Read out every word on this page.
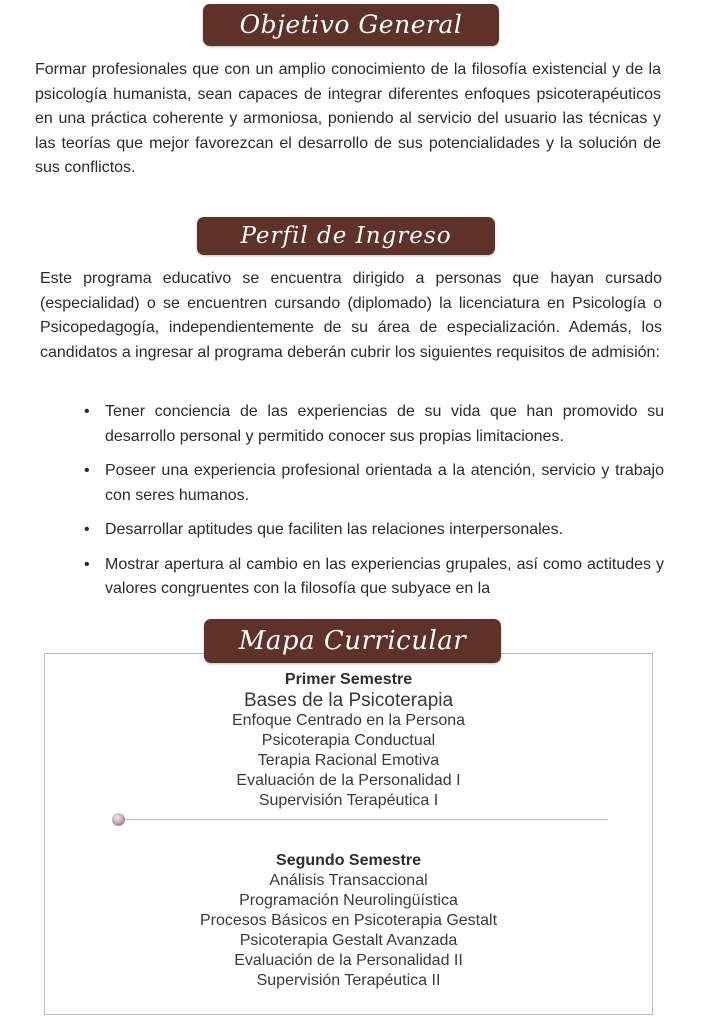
Objetivo General
Formar profesionales que con un amplio conocimiento de la filosofía existencial y de la psicología humanista, sean capaces de integrar diferentes enfoques psicoterapéuticos en una práctica coherente y armoniosa, poniendo al servicio del usuario las técnicas y las teorías que mejor favorezcan el desarrollo de sus potencialidades y la solución de sus conflictos.
Perfil de Ingreso
Este programa educativo se encuentra dirigido a personas que hayan cursado (especialidad) o se encuentren cursando (diplomado) la licenciatura en Psicología o Psicopedagogía, independientemente de su área de especialización. Además, los candidatos a ingresar al programa deberán cubrir los siguientes requisitos de admisión:
• Tener conciencia de las experiencias de su vida que han promovido su desarrollo personal y permitido conocer sus propias limitaciones.
• Poseer una experiencia profesional orientada a la atención, servicio y trabajo con seres humanos.
• Desarrollar aptitudes que faciliten las relaciones interpersonales.
• Mostrar apertura al cambio en las experiencias grupales, así como actitudes y valores congruentes con la filosofía que subyace en la
Mapa Curricular
Primer Semestre
Bases de la Psicoterapia
Enfoque Centrado en la Persona
Psicoterapia Conductual
Terapia Racional Emotiva
Evaluación de la Personalidad I
Supervisión Terapéutica I
Segundo Semestre
Análisis Transaccional
Programación Neurolingüística
Procesos Básicos en Psicoterapia Gestalt
Psicoterapia Gestalt Avanzada
Evaluación de la Personalidad II
Supervisión Terapéutica II
